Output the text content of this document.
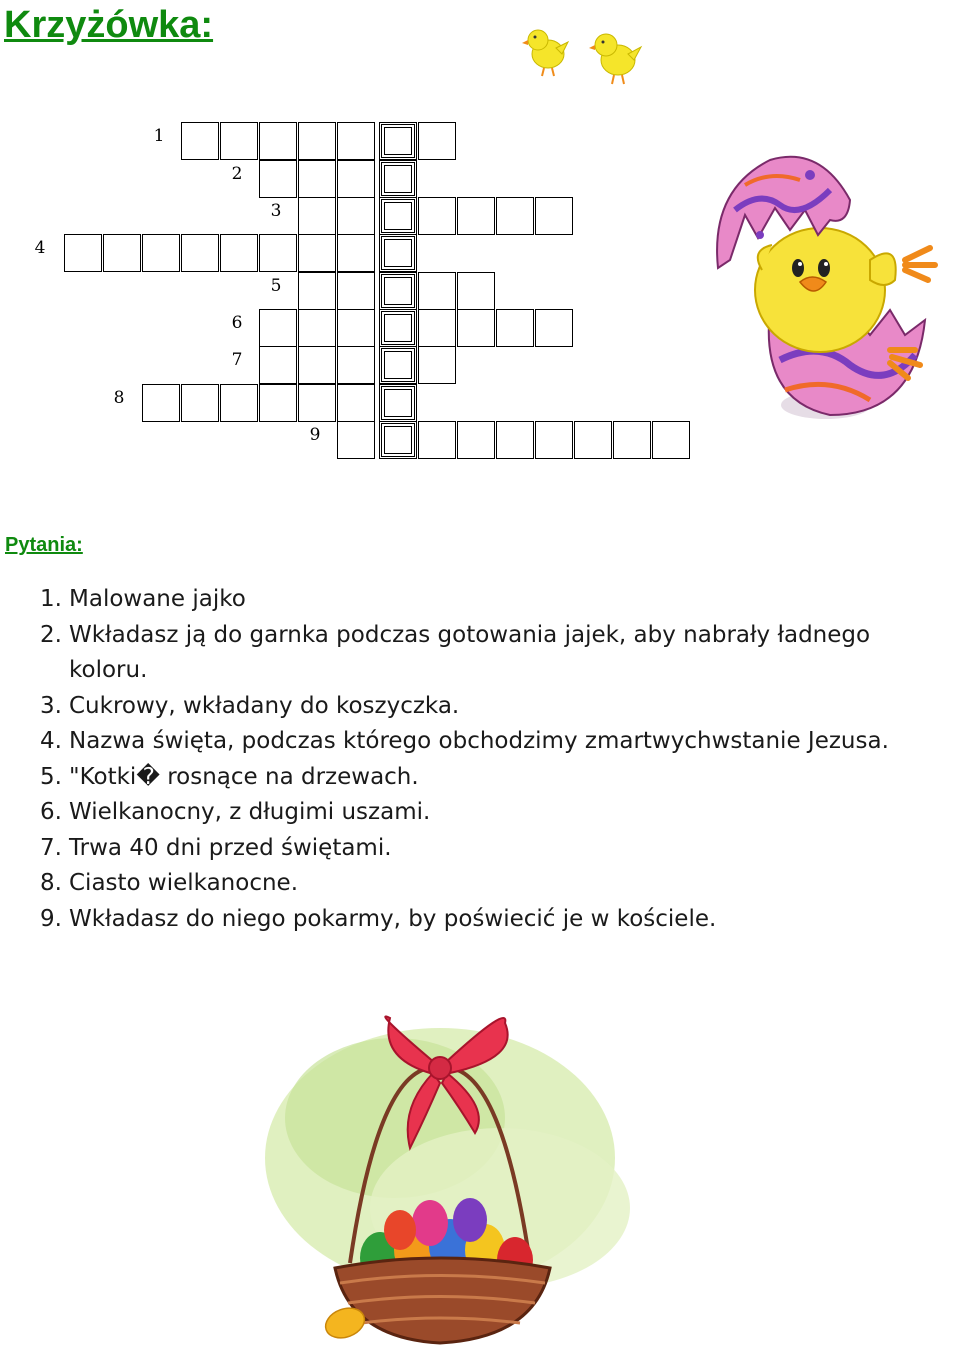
Krzyżówka:
1
2
3
4
5
6
7
8
9
Pytania:
1. Malowane jajko
2. Wkładasz ją do garnka podczas gotowania jajek, aby nabrały ładnego koloru.
3. Cukrowy, wkładany do koszyczka.
4. Nazwa święta, podczas którego obchodzimy zmartwychwstanie Jezusa.
5. "Kotki� rosnące na drzewach.
6. Wielkanocny, z długimi uszami.
7. Trwa 40 dni przed świętami.
8. Ciasto wielkanocne.
9. Wkładasz do niego pokarmy, by poświecić je w kościele.
